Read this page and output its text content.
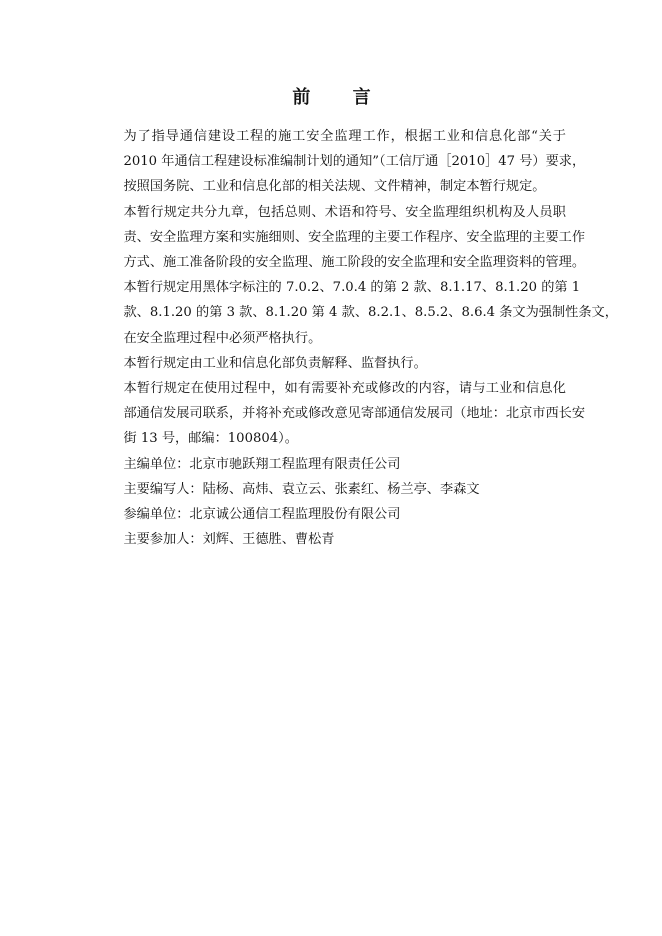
前 言

为了指导通信建设工程的施工安全监理工作，根据工业和信息化部“关于
2010 年通信工程建设标准编制计划的通知”（工信厅通［2010］47 号）要求，
按照国务院、工业和信息化部的相关法规、文件精神，制定本暂行规定。

本暂行规定共分九章，包括总则、术语和符号、安全监理组织机构及人员职
责、安全监理方案和实施细则、安全监理的主要工作程序、安全监理的主要工作
方式、施工准备阶段的安全监理、施工阶段的安全监理和安全监理资料的管理。

本暂行规定用黑体字标注的 7.0.2、7.0.4 的第 2 款、8.1.17、8.1.20 的第 1
款、8.1.20 的第 3 款、8.1.20 第 4 款、8.2.1、8.5.2、8.6.4 条文为强制性条文，
在安全监理过程中必须严格执行。

本暂行规定由工业和信息化部负责解释、监督执行。

本暂行规定在使用过程中，如有需要补充或修改的内容，请与工业和信息化
部通信发展司联系，并将补充或修改意见寄部通信发展司（地址：北京市西长安
街 13 号，邮编：100804）。

主编单位：北京市驰跃翔工程监理有限责任公司

主要编写人：陆杨、高炜、袁立云、张素红、杨兰亭、李森文

参编单位：北京诚公通信工程监理股份有限公司

主要参加人：刘辉、王德胜、曹松青
